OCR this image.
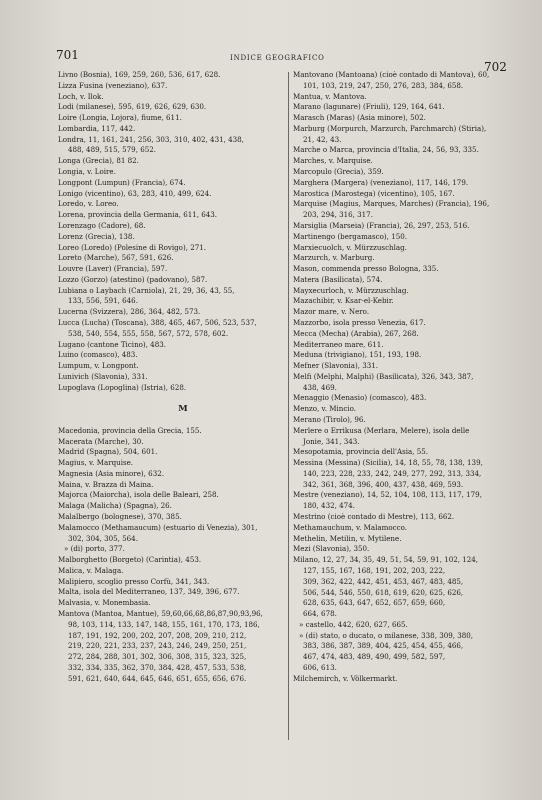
701	INDICE GEOGRAFICO
702
Livno (Bosnia), 169, 259, 260, 536, 617, 628.
Lizza Fusina (veneziano), 637.
Loch, v. Ilok.
Lodi (milanese), 595, 619, 626, 629, 630.
Loire (Longia, Lojora), fiume, 611.
Lombardia, 117, 442.
Londra, 11, 161, 241, 256, 303, 310, 402, 431, 438,
488, 489, 515, 579, 652.
Longa (Grecia), 81 82.
Longia, v. Loire.
Longpont (Lumpun) (Francia), 674.
Lonigo (vicentino), 63, 283, 410, 499, 624.
Loredo, v. Loreo.
Lorena, provincia della Germania, 611, 643.
Lorenzago (Cadore), 68.
Lorenz (Grecia), 138.
Loreo (Loredo) (Polesine di Rovigo), 271.
Loreto (Marche), 567, 591, 626.
Louvre (Laver) (Francia), 597.
Lozzo (Gorzo) (atestino) (padovano), 587.
Lubiana o Laybach (Carniola), 21, 29, 36, 43, 55,
133, 556, 591, 646.
Lucerna (Svizzera), 286, 364, 482, 573.
Lucca (Lucha) (Toscana), 388, 465, 467, 506, 523, 537,
538, 540, 554, 555, 558, 567, 572, 578, 602.
Lugano (cantone Ticino), 483.
Luino (comasco), 483.
Lumpum, v. Longpont.
Lunivich (Slavonia), 331.
Lupoglava (Lopoglina) (Istria), 628.
M
Macedonia, provincia della Grecia, 155.
Macerata (Marche), 30.
Madrid (Spagna), 504, 601.
Magius, v. Marquise.
Magnesia (Asia minore), 632.
Maina, v. Brazza di Maina.
Majorca (Maiorcha), isola delle Baleari, 258.
Malaga (Malicha) (Spagna), 26.
Malalbergo (bolognese), 370, 385.
Malamocco (Methamaucum) (estuario di Venezia), 301,
302, 304, 305, 564.
» (di) porto, 377.
Malborghetto (Borgeto) (Carintia), 453.
Malica, v. Malaga.
Malipiero, scoglio presso Corfù, 341, 343.
Malta, isola del Mediterraneo, 137, 349, 396, 677.
Malvasia, v. Monembasia.
Mantova (Mantoa, Mantue), 59,60,66,68,86,87,90,93,96,
98, 103, 114, 133, 147, 148, 155, 161, 170, 173, 186,
187, 191, 192, 200, 202, 207, 208, 209, 210, 212,
219, 220, 221, 233, 237, 243, 246, 249, 250, 251,
272, 284, 288, 301, 302, 306, 308, 315, 323, 325,
332, 334, 335, 362, 370, 384, 428, 457, 533, 538,
591, 621, 640, 644, 645, 646, 651, 655, 656, 676.
Mantovano (Mantoana) (cioè contado di Mantova), 60,
101, 103, 219, 247, 250, 276, 283, 384, 658.
Mantua, v. Mantova.
Marano (lagunare) (Friuli), 129, 164, 641.
Marasch (Maras) (Asia minore), 502.
Marburg (Morpurch, Marzurch, Parchmarch) (Stiria),
21, 42, 43.
Marche o Marca, provincia d'Italia, 24, 56, 93, 335.
Marches, v. Marquise.
Marcopulo (Grecia), 359.
Marghera (Margera) (veneziano), 117, 146, 179.
Marostica (Marostega) (vicentino), 105, 167.
Marquise (Magius, Marques, Marches) (Francia), 196,
203, 294, 316, 317.
Marsiglia (Marseia) (Francia), 26, 297, 253, 516.
Martinengo (bergamasco), 150.
Marxiecuolch, v. Mürzzuschlag.
Marzurch, v. Marburg.
Mason, commenda presso Bologna, 335.
Matera (Basilicata), 574.
Mayxecurloch, v. Mürzzuschlag.
Mazachibir, v. Ksar-el-Kebir.
Mazor mare, v. Nero.
Mazzorbo, isola presso Venezia, 617.
Mecca (Mecha) (Arabia), 267, 268.
Mediterraneo mare, 611.
Meduna (trivigiano), 151, 193, 198.
Mefner (Slavonia), 331.
Melfi (Melphi, Malphi) (Basilicata), 326, 343, 387,
438, 469.
Menaggio (Menasio) (comasco), 483.
Menzo, v. Mincio.
Merano (Tirolo), 96.
Merlere o Errikusa (Merlara, Melere), isola delle
Jonie, 341, 343.
Mesopotamia, provincia dell'Asia, 55.
Messina (Messina) (Sicilia), 14, 18, 55, 78, 138, 139,
140, 223, 228, 233, 242, 249, 277, 292, 313, 334,
342, 361, 368, 396, 400, 437, 438, 469, 593.
Mestre (veneziano), 14, 52, 104, 108, 113, 117, 179,
180, 432, 474.
Mestrino (cioè contado di Mestre), 113, 662.
Methamauchum, v. Malamocco.
Methelin, Metilin, v. Mytilene.
Mezi (Slavonia), 350.
Milano, 12, 27, 34, 35, 49, 51, 54, 59, 91, 102, 124,
127, 155, 167, 168, 191, 202, 203, 222,
309, 362, 422, 442, 451, 453, 467, 483, 485,
506, 544, 546, 550, 618, 619, 620, 625, 626,
628, 635, 643, 647, 652, 657, 659, 660,
664, 678.
» castello, 442, 620, 627, 665.
» (di) stato, o ducato, o milanese, 338, 309, 380,
383, 386, 387, 389, 404, 425, 454, 455, 466,
467, 474, 483, 489, 490, 499, 582, 597,
606, 613.
Milchemirch, v. Völkermarkt.
